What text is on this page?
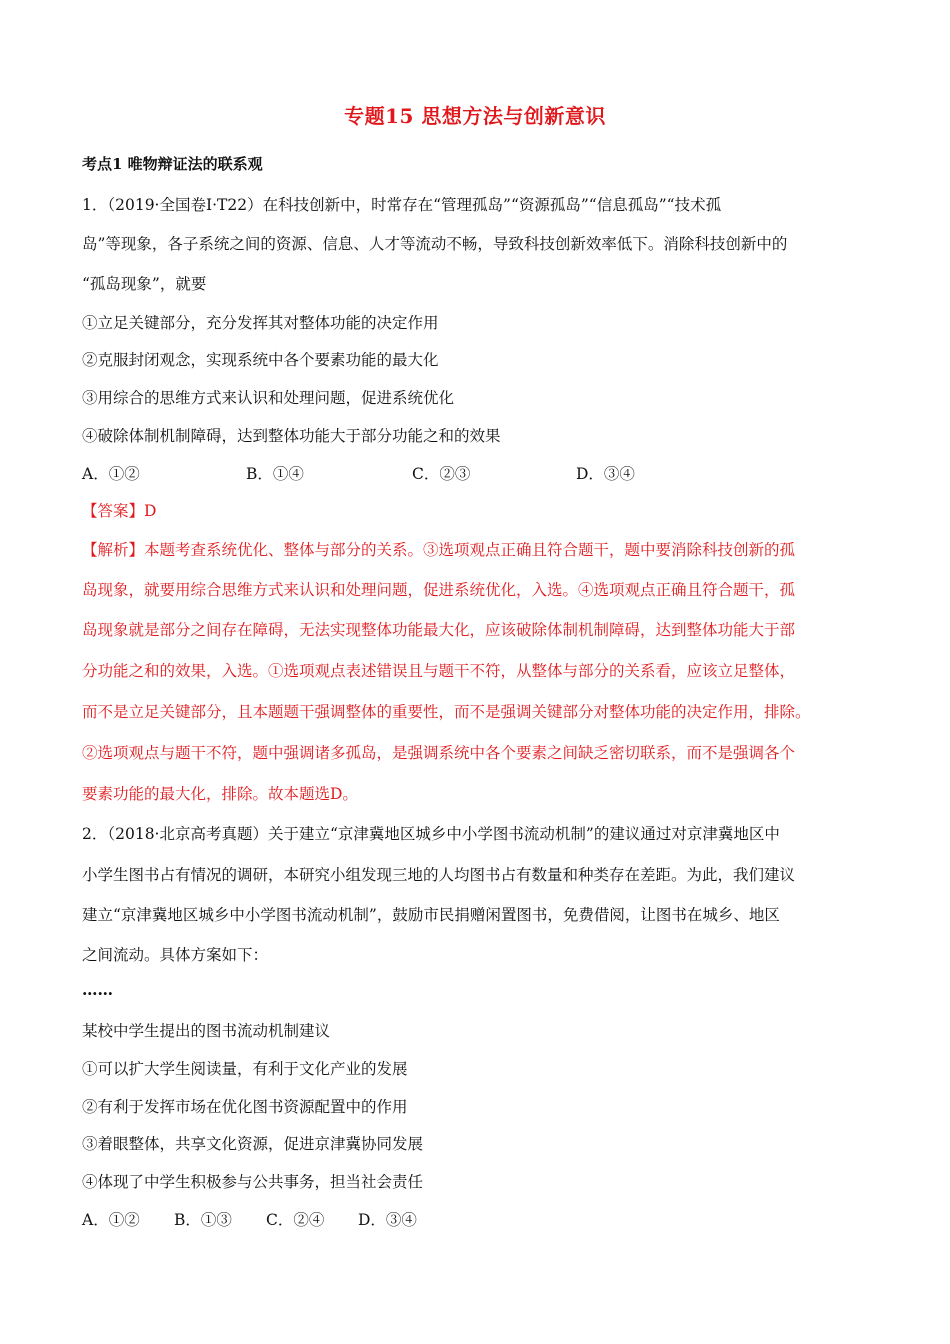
专题15 思想方法与创新意识
考点1 唯物辩证法的联系观
1．（2019·全国卷Ⅰ·T22）在科技创新中，时常存在“管理孤岛”“资源孤岛”“信息孤岛”“技术孤
岛”等现象，各子系统之间的资源、信息、人才等流动不畅，导致科技创新效率低下。消除科技创新中的
“孤岛现象”，就要
①立足关键部分，充分发挥其对整体功能的决定作用
②克服封闭观念，实现系统中各个要素功能的最大化
③用综合的思维方式来认识和处理问题，促进系统优化
④破除体制机制障碍，达到整体功能大于部分功能之和的效果
A．①②	B．①④	C．②③	D．③④
【答案】D
【解析】本题考查系统优化、整体与部分的关系。③选项观点正确且符合题干，题中要消除科技创新的孤
岛现象，就要用综合思维方式来认识和处理问题，促进系统优化，入选。④选项观点正确且符合题干，孤
岛现象就是部分之间存在障碍，无法实现整体功能最大化，应该破除体制机制障碍，达到整体功能大于部
分功能之和的效果，入选。①选项观点表述错误且与题干不符，从整体与部分的关系看，应该立足整体，
而不是立足关键部分，且本题题干强调整体的重要性，而不是强调关键部分对整体功能的决定作用，排除。
②选项观点与题干不符，题中强调诸多孤岛，是强调系统中各个要素之间缺乏密切联系，而不是强调各个
要素功能的最大化，排除。故本题选D。
2．（2018·北京高考真题）关于建立“京津冀地区城乡中小学图书流动机制”的建议通过对京津冀地区中
小学生图书占有情况的调研，本研究小组发现三地的人均图书占有数量和种类存在差距。为此，我们建议
建立“京津冀地区城乡中小学图书流动机制”，鼓励市民捐赠闲置图书，免费借阅，让图书在城乡、地区
之间流动。具体方案如下：
……
某校中学生提出的图书流动机制建议
①可以扩大学生阅读量，有利于文化产业的发展
②有利于发挥市场在优化图书资源配置中的作用
③着眼整体，共享文化资源，促进京津冀协同发展
④体现了中学生积极参与公共事务，担当社会责任
A．①② B．①③ C．②④ D．③④
